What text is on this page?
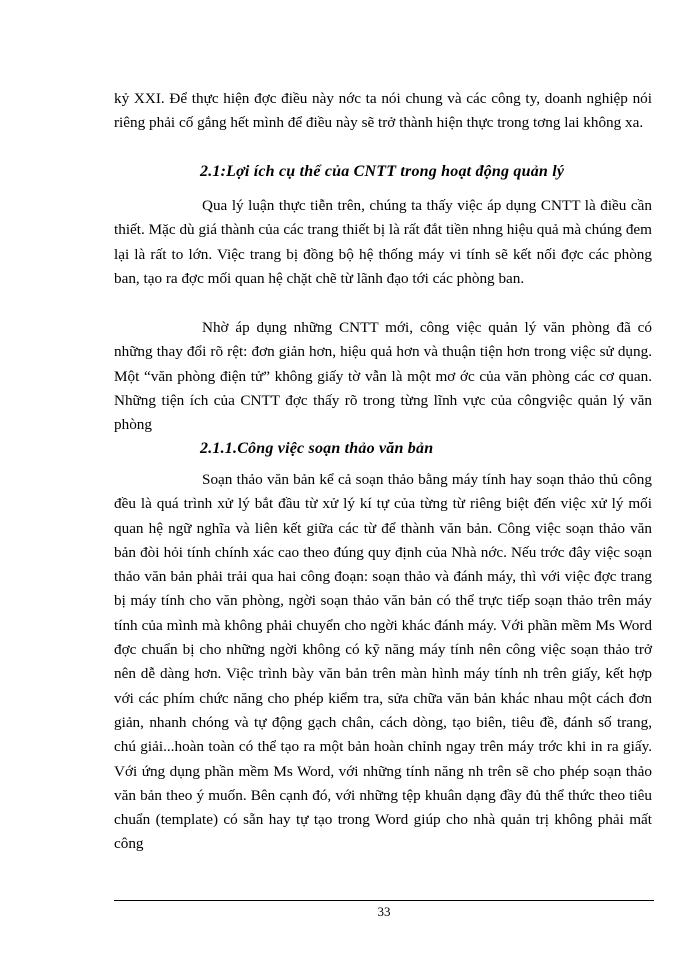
kỷ XXI. Để thực hiện đợc điều này nớc ta nói chung và các công ty, doanh nghiệp nói riêng phải cố gắng hết mình để điều này sẽ trở thành hiện thực trong tơng lai không xa.

2.1:Lợi ích cụ thể của CNTT trong hoạt động quản lý

Qua lý luận thực tiễn trên, chúng ta thấy việc áp dụng CNTT là điều cần thiết. Mặc dù giá thành của các trang thiết bị là rất đắt tiền nhng hiệu quả mà chúng đem lại là rất to lớn. Việc trang bị đồng bộ hệ thống máy vi tính sẽ kết nối đợc các phòng ban, tạo ra đợc mối quan hệ chặt chẽ từ lãnh đạo tới các phòng ban.

Nhờ áp dụng những CNTT mới, công việc quản lý văn phòng đã có những thay đổi rõ rệt: đơn giản hơn, hiệu quả hơn và thuận tiện hơn trong việc sử dụng. Một “văn phòng điện tử” không giấy tờ vẫn là một mơ ớc của văn phòng các cơ quan. Những tiện ích của CNTT đợc thấy rõ trong từng lĩnh vực của côngviệc quản lý văn phòng

2.1.1.Công việc soạn thảo văn bản

Soạn thảo văn bản kể cả soạn thảo bằng máy tính hay soạn thảo thủ công đều là quá trình xử lý bắt đầu từ xử lý kí tự của từng từ riêng biệt đến việc xử lý mối quan hệ ngữ nghĩa và liên kết giữa các từ để thành văn bản. Công việc soạn thảo văn bản đòi hỏi tính chính xác cao theo đúng quy định của Nhà nớc. Nếu trớc đây việc soạn thảo văn bản phải trải qua hai công đoạn: soạn thảo và đánh máy, thì với việc đợc trang bị máy tính cho văn phòng, ngời soạn thảo văn bản có thể trực tiếp soạn thảo trên máy tính của mình mà không phải chuyển cho ngời khác đánh máy. Với phần mềm Ms Word đợc chuẩn bị cho những ngời không có kỹ năng máy tính nên công việc soạn thảo trở nên dễ dàng hơn. Việc trình bày văn bản trên màn hình máy tính nh trên giấy, kết hợp với các phím chức năng cho phép kiểm tra, sửa chữa văn bản khác nhau một cách đơn giản, nhanh chóng và tự động gạch chân, cách dòng, tạo biên, tiêu đề, đánh số trang, chú giải...hoàn toàn có thể tạo ra một bản hoàn chỉnh ngay trên máy trớc khi in ra giấy. Với ứng dụng phần mềm Ms Word, với những tính năng nh trên sẽ cho phép soạn thảo văn bản theo ý muốn. Bên cạnh đó, với những tệp khuân dạng đầy đủ thể thức theo tiêu chuẩn (template) có sẵn hay tự tạo trong Word giúp cho nhà quản trị không phải mất công

33
